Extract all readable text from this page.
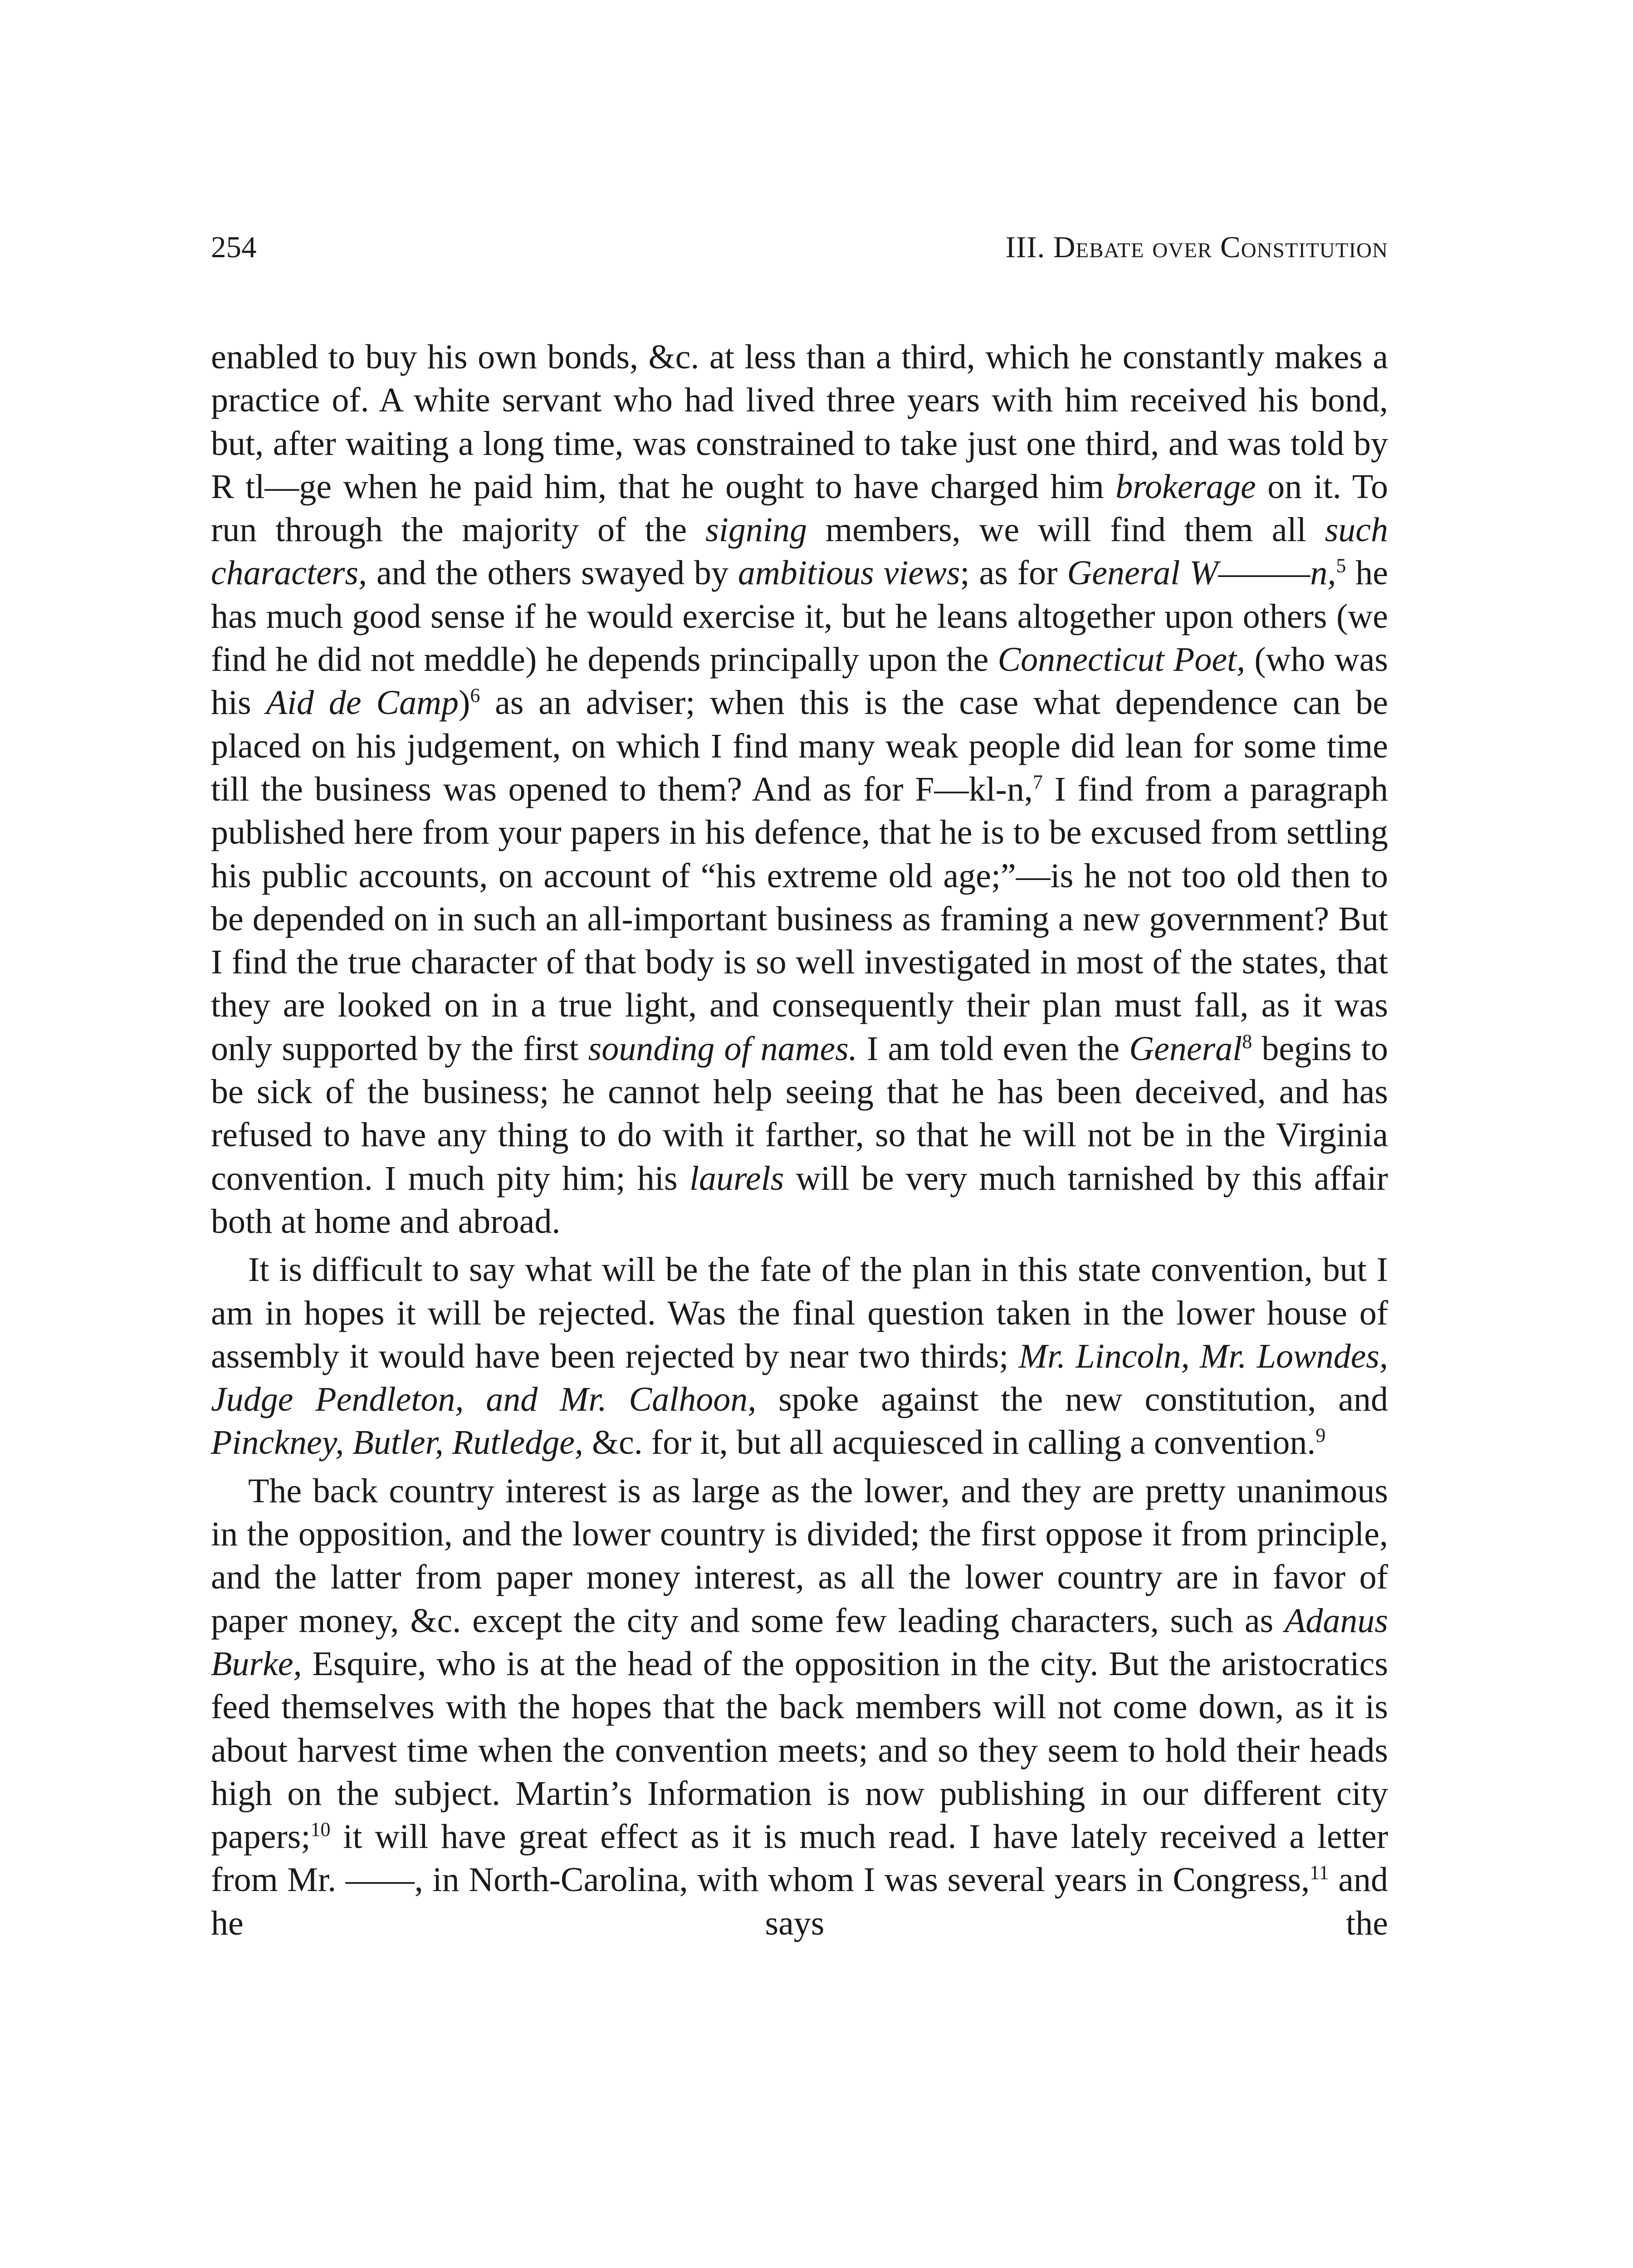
254	III. Debate over Constitution

enabled to buy his own bonds, &c. at less than a third, which he constantly makes a practice of. A white servant who had lived three years with him received his bond, but, after waiting a long time, was constrained to take just one third, and was told by R tl—ge when he paid him, that he ought to have charged him brokerage on it. To run through the majority of the signing members, we will find them all such characters, and the others swayed by ambitious views; as for General W———n,$^5$ he has much good sense if he would exercise it, but he leans altogether upon others (we find he did not meddle) he depends principally upon the Connecticut Poet, (who was his Aid de Camp)$^6$ as an adviser; when this is the case what dependence can be placed on his judgement, on which I find many weak people did lean for some time till the business was opened to them? And as for F—kl-n,$^7$ I find from a paragraph published here from your papers in his defence, that he is to be excused from settling his public accounts, on account of “his extreme old age;”—is he not too old then to be depended on in such an all-important business as framing a new government? But I find the true character of that body is so well investigated in most of the states, that they are looked on in a true light, and consequently their plan must fall, as it was only supported by the first sounding of names. I am told even the General$^8$ begins to be sick of the business; he cannot help seeing that he has been deceived, and has refused to have any thing to do with it farther, so that he will not be in the Virginia convention. I much pity him; his laurels will be very much tarnished by this affair both at home and abroad.

It is difficult to say what will be the fate of the plan in this state convention, but I am in hopes it will be rejected. Was the final question taken in the lower house of assembly it would have been rejected by near two thirds; Mr. Lincoln, Mr. Lowndes, Judge Pendleton, and Mr. Calhoon, spoke against the new constitution, and Pinckney, Butler, Rutledge, &c. for it, but all acquiesced in calling a convention.$^9$

The back country interest is as large as the lower, and they are pretty unanimous in the opposition, and the lower country is divided; the first oppose it from principle, and the latter from paper money interest, as all the lower country are in favor of paper money, &c. except the city and some few leading characters, such as Adanus Burke, Esquire, who is at the head of the opposition in the city. But the aristocratics feed themselves with the hopes that the back members will not come down, as it is about harvest time when the convention meets; and so they seem to hold their heads high on the subject. Martin’s Information is now publishing in our different city papers;$^{10}$ it will have great effect as it is much read. I have lately received a letter from Mr. ——, in North-Carolina, with whom I was several years in Congress,$^{11}$ and he says the
